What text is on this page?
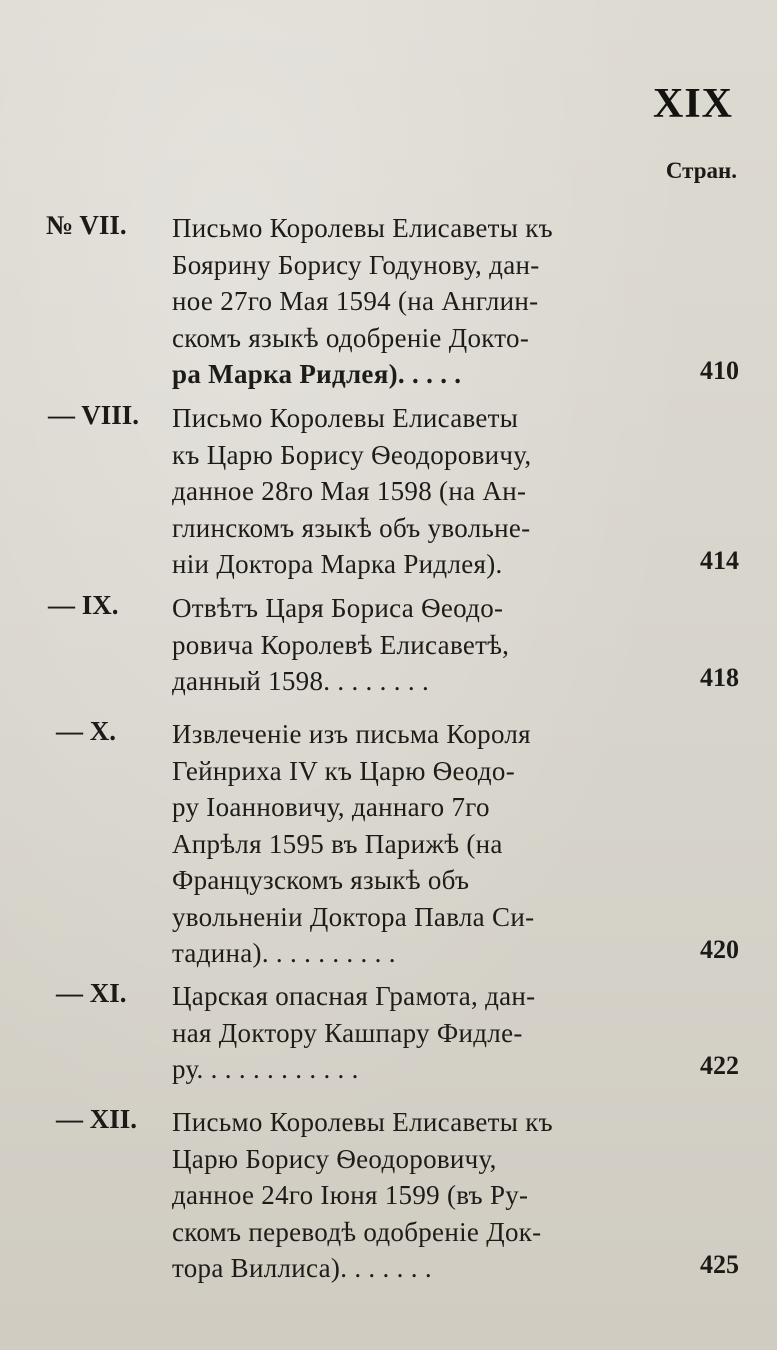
XIX
Стран.
№ VII. Письмо Королевы Елисаветы къ
Боярину Борису Годунову, дан-
ное 27го Мая 1594 (на Англин-
скомъ языкѣ одобреніе Докто-
ра Марка Ридлея). . . . .	410
— VIII. Письмо Королевы Елисаветы
къ Царю Борису Ѳеодоровичу,
данное 28го Мая 1598 (на Ан-
глинскомъ языкѣ объ увольне-
ніи Доктора Марка Ридлея).	414
— IX. Отвѣтъ Царя Бориса Ѳеодо-
ровича Королевѣ Елисаветѣ,
данный 1598. . . . . . . .	418
— X. Извлеченіе изъ письма Короля
Гейнриха IV къ Царю Ѳеодо-
ру Іоанновичу, даннаго 7го
Апрѣля 1595 въ Парижѣ (на
Французскомъ языкѣ объ
увольненіи Доктора Павла Си-
тадина). . . . . . . . . .	420
— XI. Царская опасная Грамота, дан-
ная Доктору Кашпару Фидле-
ру. . . . . . . . . . . .	422
— XII. Письмо Королевы Елисаветы къ
Царю Борису Ѳеодоровичу,
данное 24го Іюня 1599 (въ Ру-
скомъ переводѣ одобреніе Док-
тора Виллиса). . . . . . .	425
